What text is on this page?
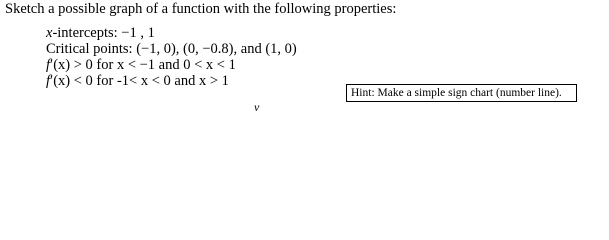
Sketch a possible graph of a function with the following properties:
x-intercepts: −1 , 1
Critical points: (−1, 0), (0, −0.8), and (1, 0)
f′(x) > 0 for x < −1 and 0 < x < 1
f′(x) < 0 for -1< x < 0 and x > 1
Hint: Make a simple sign chart (number line).
v
